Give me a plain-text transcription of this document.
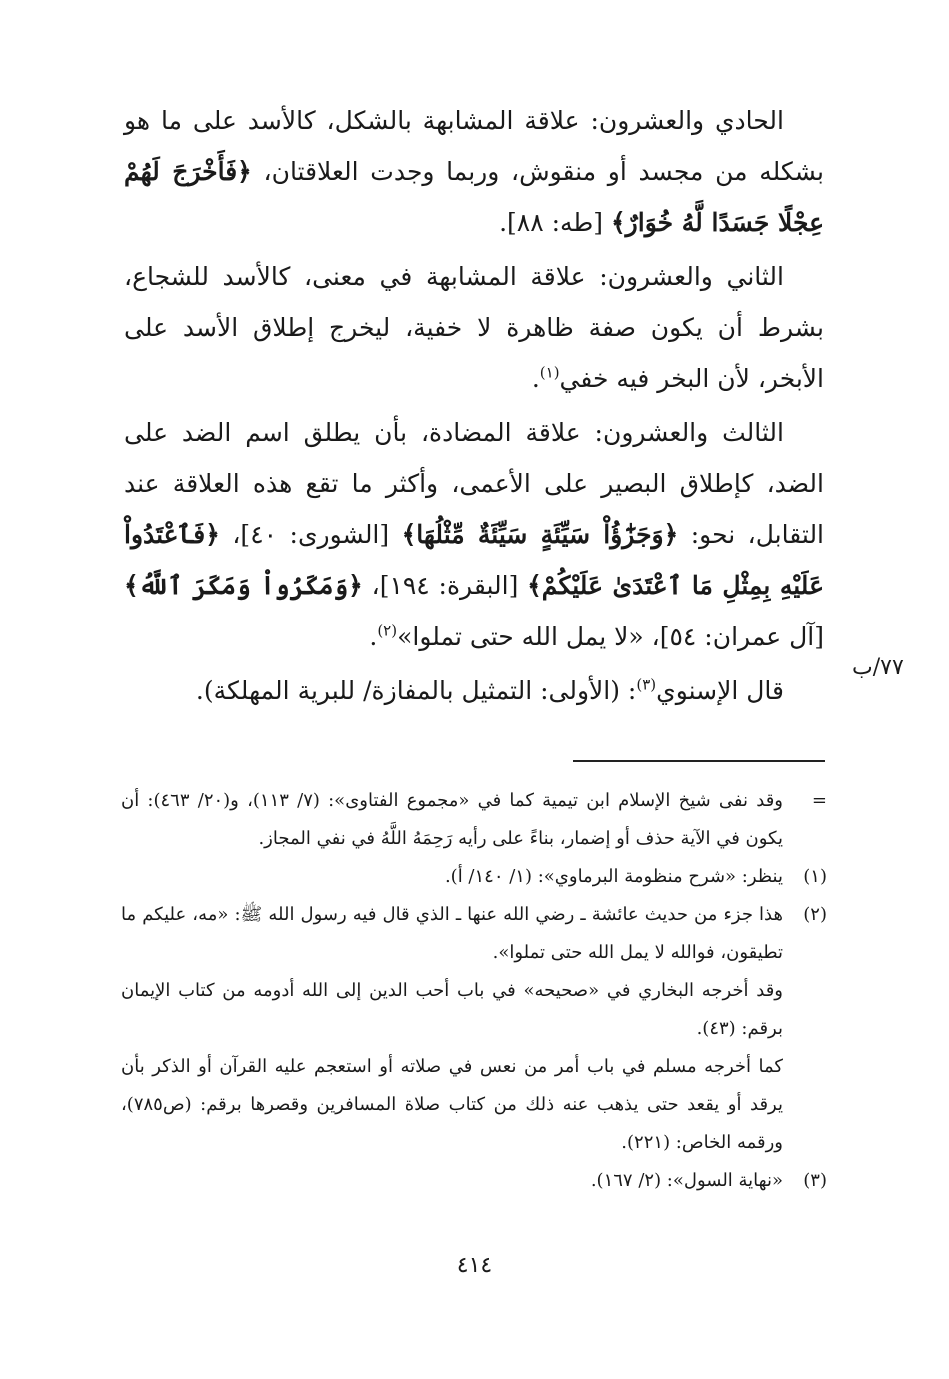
الحادي والعشرون: علاقة المشابهة بالشكل، كالأسد على ما هو بشكله من مجسد أو منقوش، وربما وجدت العلاقتان، ﴿فَأَخْرَجَ لَهُمْ عِجْلًا جَسَدًا لَّهُ خُوَارٌ﴾ [طه: ٨٨].

الثاني والعشرون: علاقة المشابهة في معنى، كالأسد للشجاع، بشرط أن يكون صفة ظاهرة لا خفية، ليخرج إطلاق الأسد على الأبخر، لأن البخر فيه خفي$^{(١)}$.

الثالث والعشرون: علاقة المضادة، بأن يطلق اسم الضد على الضد، كإطلاق البصير على الأعمى، وأكثر ما تقع هذه العلاقة عند التقابل، نحو: ﴿وَجَزَٰٓؤُاْ سَيِّئَةٍ سَيِّئَةٌ مِّثْلُهَا﴾ [الشورى: ٤٠]، ﴿فَٱعْتَدُواْ عَلَيْهِ بِمِثْلِ مَا ٱعْتَدَىٰ عَلَيْكُمْ﴾ [البقرة: ١٩٤]، ﴿وَمَكَرُواْ وَمَكَرَ ٱللَّهُ﴾ [آل عمران: ٥٤]، «لا يمل الله حتى تملوا»$^{(٢)}$.

قال الإسنوي$^{(٣)}$: (الأولى: التمثيل بالمفازة/ للبرية المهلكة).

٧٧/ب
=

وقد نفى شيخ الإسلام ابن تيمية كما في «مجموع الفتاوى»: (٧/ ١١٣)، و(٢٠/ ٤٦٣): أن يكون في الآية حذف أو إضمار، بناءً على رأيه رَحِمَهُ اللَّهُ في نفي المجاز.

(١)

ينظر: «شرح منظومة البرماوي»: (١/ ١٤٠/ أ).

(٢)

هذا جزء من حديث عائشة ـ رضي الله عنها ـ الذي قال فيه رسول الله ﷺ: «مه، عليكم ما تطيقون، فوالله لا يمل الله حتى تملوا».

وقد أخرجه البخاري في «صحيحه» في باب أحب الدين إلى الله أدومه من كتاب الإيمان برقم: (٤٣).

كما أخرجه مسلم في باب أمر من نعس في صلاته أو استعجم عليه القرآن أو الذكر بأن يرقد أو يقعد حتى يذهب عنه ذلك من كتاب صلاة المسافرين وقصرها برقم: (ص٧٨٥)، ورقمه الخاص: (٢٢١).

(٣)

«نهاية السول»: (٢/ ١٦٧).

٤١٤
